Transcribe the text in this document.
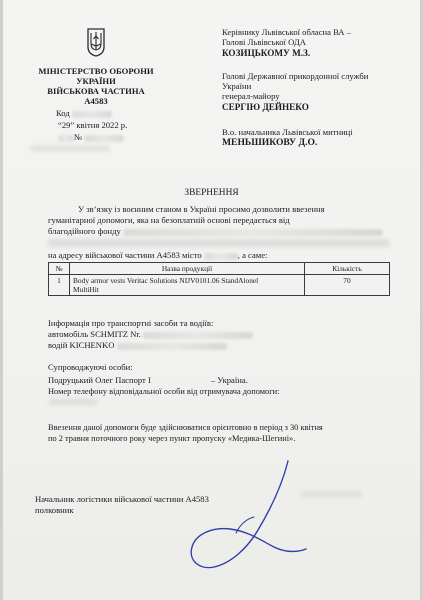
МІНІСТЕРСТВО ОБОРОНИ
УКРАЇНИ
ВІЙСЬКОВА ЧАСТИНА
А4583
Код
“29” квітня 2022 р.
№
Керівнику Львівської обласна ВА –
Голові Львівської ОДА
КОЗИЦЬКОМУ М.З.
Голові Державної прикордонної служби
України
генерал-майору
СЕРГІЮ ДЕЙНЕКО
В.о. начальника Львівської митниці
МЕНЬШИКОВУ Д.О.
ЗВЕРНЕННЯ
У зв’язку із воєнним станом в Україні просимо дозволити ввезення
гуманітарної допомоги, яка на безоплатній основі передається від
благодійного фонду
на адресу військової частини А4583 місто	, а саме:
№	Назва продукції	Кількість
1	Body armor vests Veritac Solutions NIJV0101.06 StandAlonel
MultiHit	70
Інформація про транспортні засоби та водіїв:
автомобіль SCHMITZ Nr.
водій KICHENKO
Супроводжуючі особи:
Подруцький Олег Паспорт І	– Україна.
Номер телефону відповідальної особи від отримувача допомоги:
Ввезення даної допомоги буде здійснюватися орієнтовно в період з 30 квітня
по 2 травня поточного року через пункт пропуску «Медика-Шегині».
Начальник логістики військової частини А4583
полковник
